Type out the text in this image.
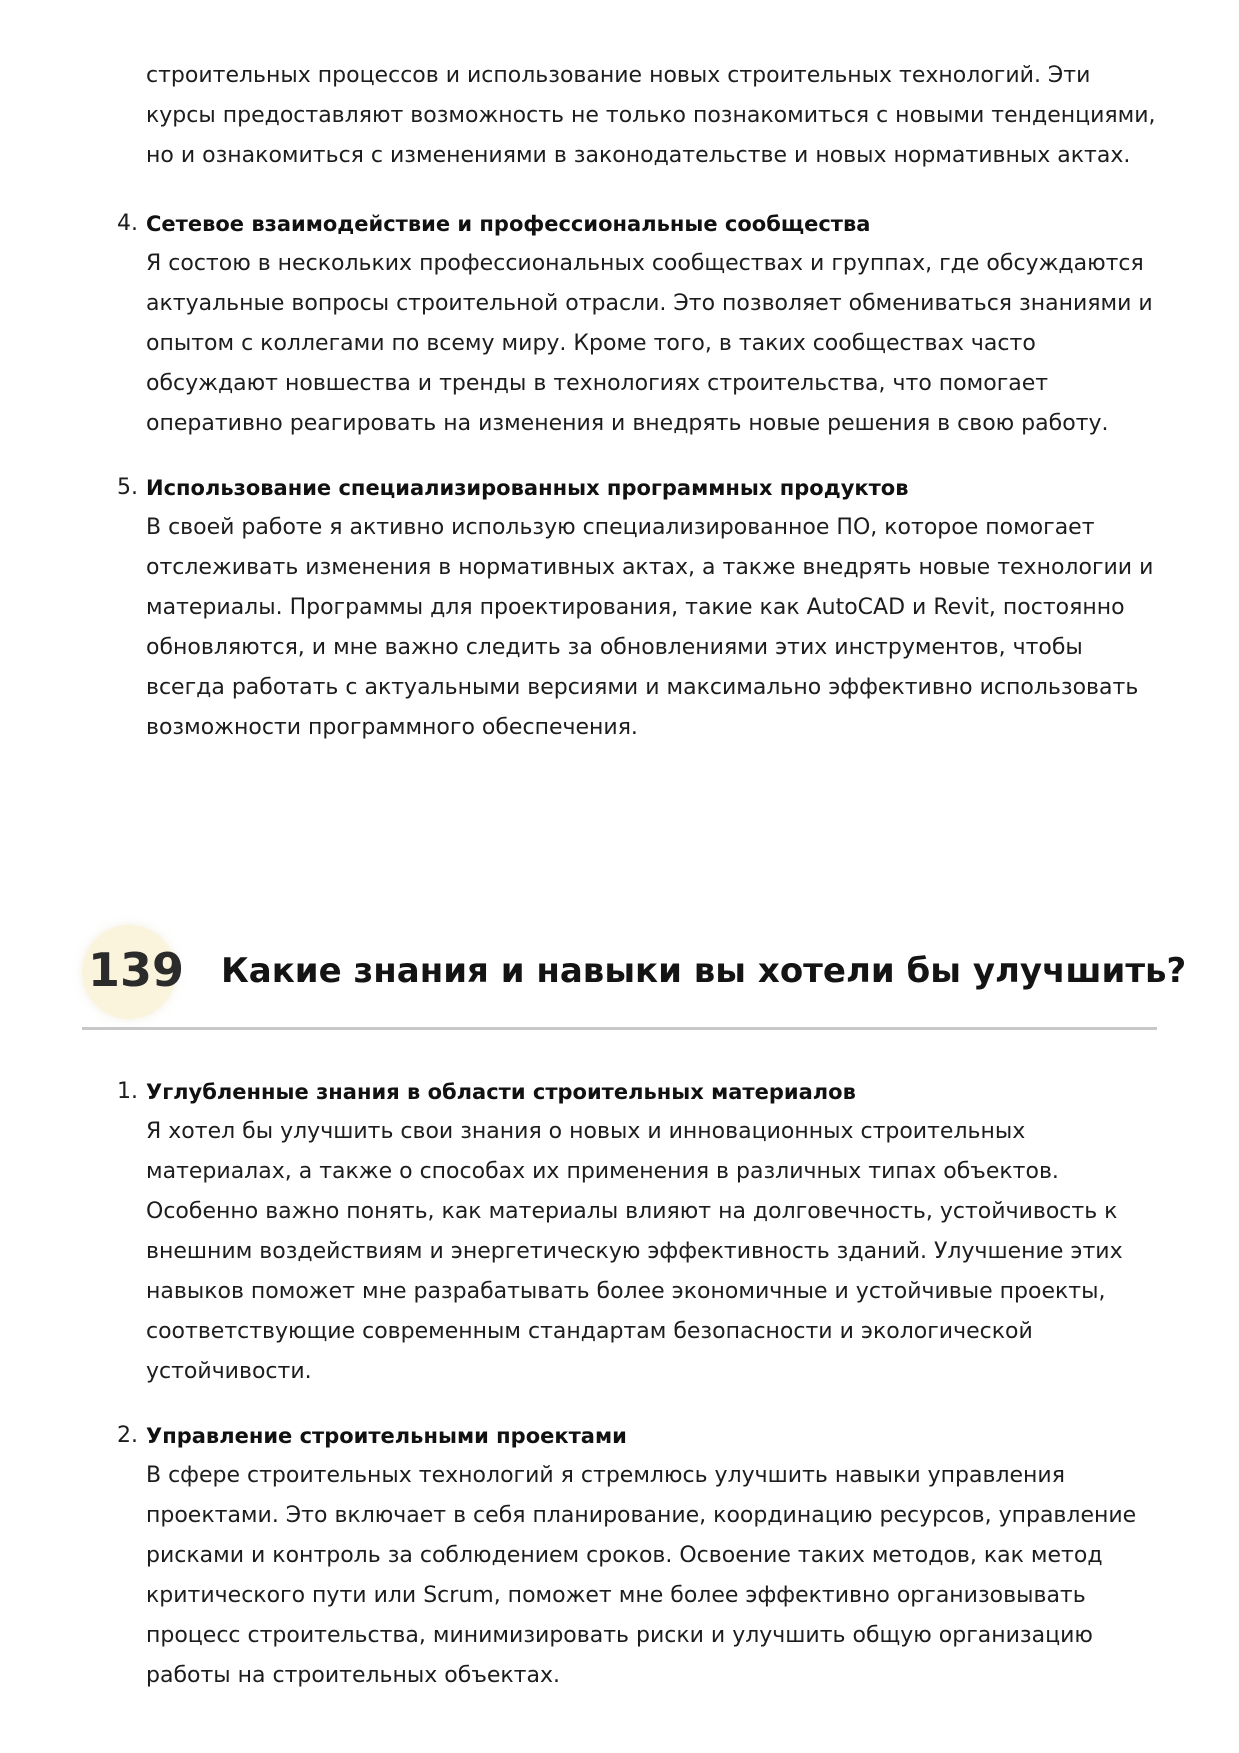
строительных процессов и использование новых строительных технологий. Эти курсы предоставляют возможность не только познакомиться с новыми тенденциями, но и ознакомиться с изменениями в законодательстве и новых нормативных актах.

4. Сетевое взаимодействие и профессиональные сообщества

Я состою в нескольких профессиональных сообществах и группах, где обсуждаются актуальные вопросы строительной отрасли. Это позволяет обмениваться знаниями и опытом с коллегами по всему миру. Кроме того, в таких сообществах часто обсуждают новшества и тренды в технологиях строительства, что помогает оперативно реагировать на изменения и внедрять новые решения в свою работу.

5. Использование специализированных программных продуктов

В своей работе я активно использую специализированное ПО, которое помогает отслеживать изменения в нормативных актах, а также внедрять новые технологии и материалы. Программы для проектирования, такие как AutoCAD и Revit, постоянно обновляются, и мне важно следить за обновлениями этих инструментов, чтобы всегда работать с актуальными версиями и максимально эффективно использовать возможности программного обеспечения.

139 Какие знания и навыки вы хотели бы улучшить?
1. Углубленные знания в области строительных материалов

Я хотел бы улучшить свои знания о новых и инновационных строительных материалах, а также о способах их применения в различных типах объектов. Особенно важно понять, как материалы влияют на долговечность, устойчивость к внешним воздействиям и энергетическую эффективность зданий. Улучшение этих навыков поможет мне разрабатывать более экономичные и устойчивые проекты, соответствующие современным стандартам безопасности и экологической устойчивости.

2. Управление строительными проектами

В сфере строительных технологий я стремлюсь улучшить навыки управления проектами. Это включает в себя планирование, координацию ресурсов, управление рисками и контроль за соблюдением сроков. Освоение таких методов, как метод критического пути или Scrum, поможет мне более эффективно организовывать процесс строительства, минимизировать риски и улучшить общую организацию работы на строительных объектах.
